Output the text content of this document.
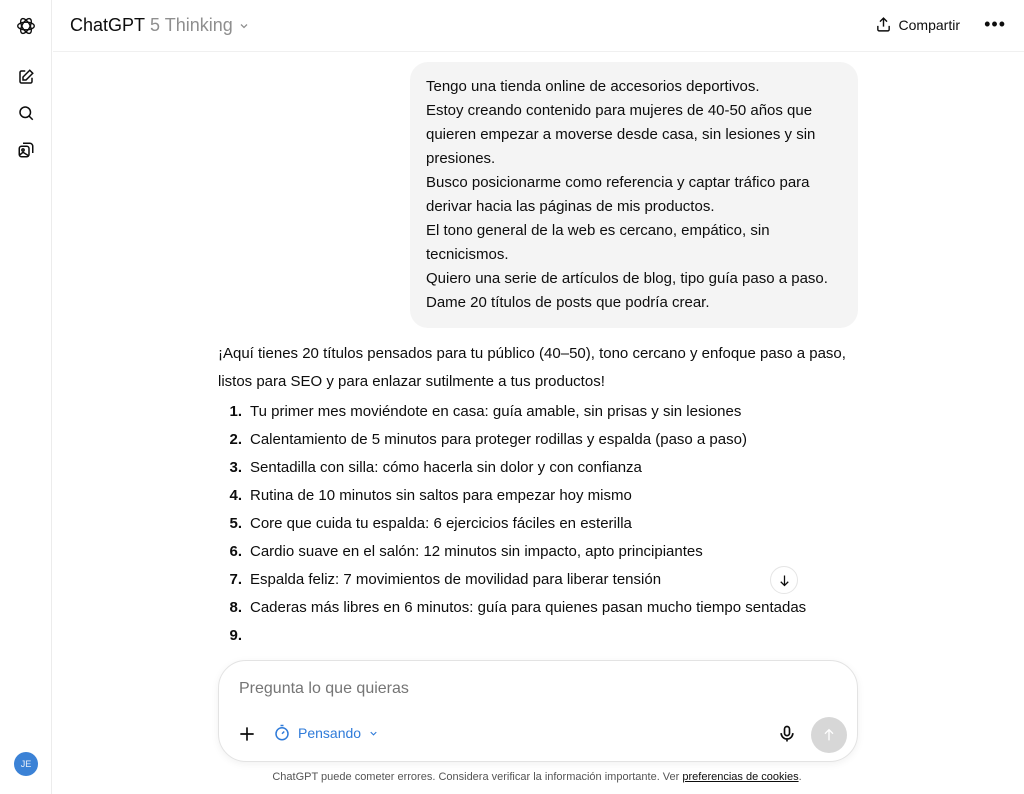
JE
ChatGPT 5 Thinking	Compartir •••
Tengo una tienda online de accesorios deportivos.
Estoy creando contenido para mujeres de 40-50 años que quieren empezar a moverse desde casa, sin lesiones y sin presiones.
Busco posicionarme como referencia y captar tráfico para derivar hacia las páginas de mis productos.
El tono general de la web es cercano, empático, sin tecnicismos.
Quiero una serie de artículos de blog, tipo guía paso a paso. Dame 20 títulos de posts que podría crear.

¡Aquí tienes 20 títulos pensados para tu público (40–50), tono cercano y enfoque paso a paso, listos para SEO y para enlazar sutilmente a tus productos!

1. Tu primer mes moviéndote en casa: guía amable, sin prisas y sin lesiones
2. Calentamiento de 5 minutos para proteger rodillas y espalda (paso a paso)
3. Sentadilla con silla: cómo hacerla sin dolor y con confianza
4. Rutina de 10 minutos sin saltos para empezar hoy mismo
5. Core que cuida tu espalda: 6 ejercicios fáciles en esterilla
6. Cardio suave en el salón: 12 minutos sin impacto, apto principiantes
7. Espalda feliz: 7 movimientos de movilidad para liberar tensión
8. Caderas más libres en 6 minutos: guía para quienes pasan mucho tiempo sentadas
9.
Pregunta lo que quieras
Pensando
ChatGPT puede cometer errores. Considera verificar la información importante. Ver preferencias de cookies.
